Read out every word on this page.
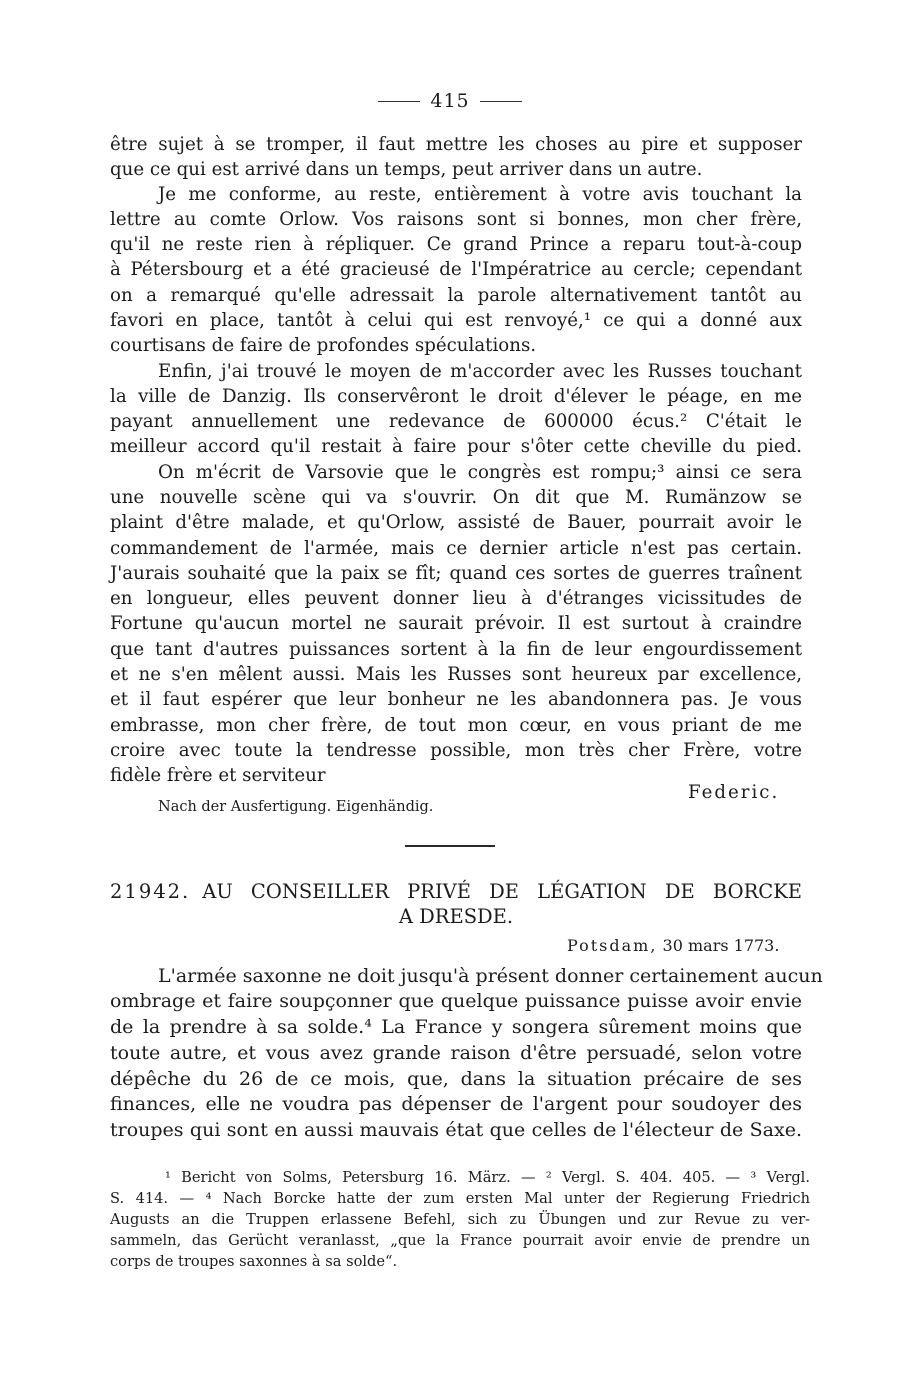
415
être sujet à se tromper, il faut mettre les choses au pire et supposer
que ce qui est arrivé dans un temps, peut arriver dans un autre.
Je me conforme, au reste, entièrement à votre avis touchant la
lettre au comte Orlow. Vos raisons sont si bonnes, mon cher frère,
qu'il ne reste rien à répliquer. Ce grand Prince a reparu tout-à-coup
à Pétersbourg et a été gracieusé de l'Impératrice au cercle; cependant
on a remarqué qu'elle adressait la parole alternativement tantôt au
favori en place, tantôt à celui qui est renvoyé,¹ ce qui a donné aux
courtisans de faire de profondes spéculations.
Enfin, j'ai trouvé le moyen de m'accorder avec les Russes touchant
la ville de Danzig. Ils conservêront le droit d'élever le péage, en me
payant annuellement une redevance de 600000 écus.² C'était le
meilleur accord qu'il restait à faire pour s'ôter cette cheville du pied.
On m'écrit de Varsovie que le congrès est rompu;³ ainsi ce sera
une nouvelle scène qui va s'ouvrir. On dit que M. Rumänzow se
plaint d'être malade, et qu'Orlow, assisté de Bauer, pourrait avoir le
commandement de l'armée, mais ce dernier article n'est pas certain.
J'aurais souhaité que la paix se fît; quand ces sortes de guerres traînent
en longueur, elles peuvent donner lieu à d'étranges vicissitudes de
Fortune qu'aucun mortel ne saurait prévoir. Il est surtout à craindre
que tant d'autres puissances sortent à la fin de leur engourdissement
et ne s'en mêlent aussi. Mais les Russes sont heureux par excellence,
et il faut espérer que leur bonheur ne les abandonnera pas. Je vous
embrasse, mon cher frère, de tout mon cœur, en vous priant de me
croire avec toute la tendresse possible, mon très cher Frère, votre
fidèle frère et serviteur
Federic.
Nach der Ausfertigung. Eigenhändig.
21942. AU CONSEILLER PRIVÉ DE LÉGATION DE BORCKE
A DRESDE.
Potsdam, 30 mars 1773.
L'armée saxonne ne doit jusqu'à présent donner certainement aucun
ombrage et faire soupçonner que quelque puissance puisse avoir envie
de la prendre à sa solde.⁴ La France y songera sûrement moins que
toute autre, et vous avez grande raison d'être persuadé, selon votre
dépêche du 26 de ce mois, que, dans la situation précaire de ses
finances, elle ne voudra pas dépenser de l'argent pour soudoyer des
troupes qui sont en aussi mauvais état que celles de l'électeur de Saxe.
¹ Bericht von Solms, Petersburg 16. März. — ² Vergl. S. 404. 405. — ³ Vergl.
S. 414. — ⁴ Nach Borcke hatte der zum ersten Mal unter der Regierung Friedrich
Augusts an die Truppen erlassene Befehl, sich zu Übungen und zur Revue zu ver-
sammeln, das Gerücht veranlasst, „que la France pourrait avoir envie de prendre un
corps de troupes saxonnes à sa solde“.
